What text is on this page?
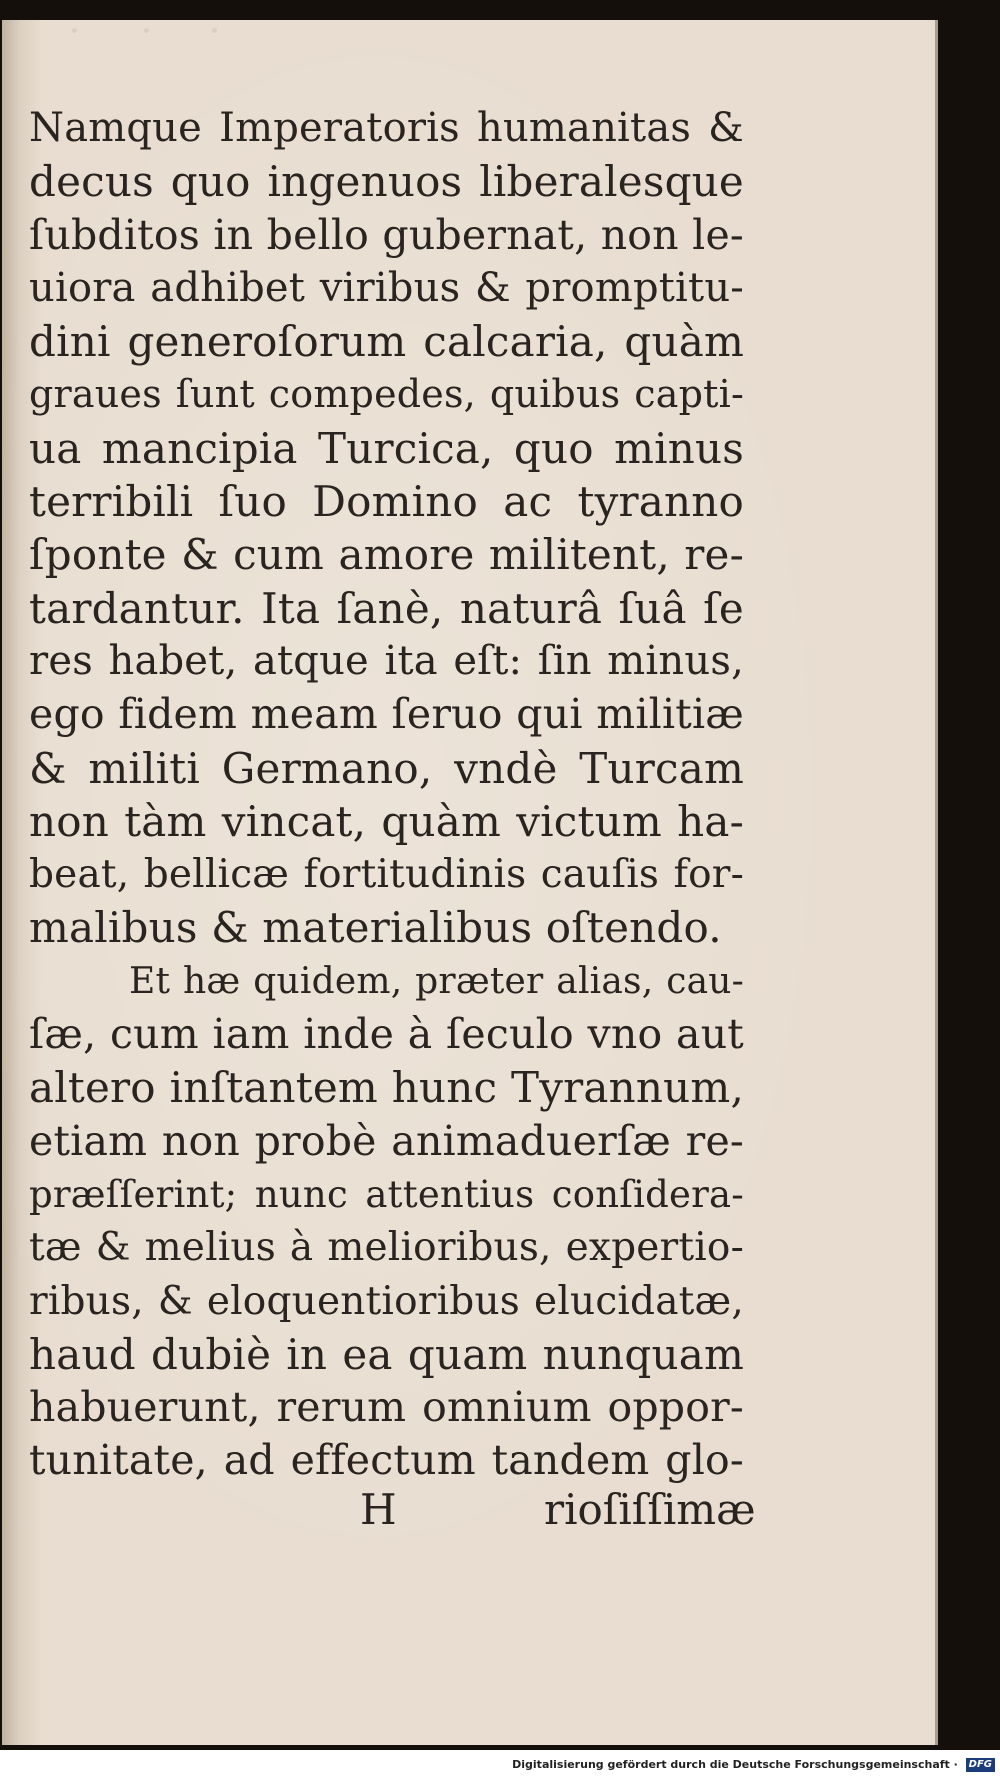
Namque Imperatoris humanitas &
decus quo ingenuos liberalesque
ſubditos in bello gubernat, non le-
uiora adhibet viribus & promptitu-
dini generoſorum calcaria, quàm
graues ſunt compedes, quibus capti-
ua mancipia Turcica, quo minus
terribili ſuo Domino ac tyranno
ſponte & cum amore militent, re-
tardantur. Ita ſanè, naturâ ſuâ ſe
res habet, atque ita eſt: ſin minus,
ego fidem meam ſeruo qui militiæ
& militi Germano, vndè Turcam
non tàm vincat, quàm victum ha-
beat, bellicæ fortitudinis cauſis for-
malibus & materialibus oſtendo.
Et hæ quidem, præter alias, cau-
ſæ, cum iam inde à ſeculo vno aut
altero inſtantem hunc Tyrannum,
etiam non probè animaduerſæ re-
præſſerint; nunc attentius conſidera-
tæ & melius à melioribus, expertio-
ribus, & eloquentioribus elucidatæ,
haud dubiè in ea quam nunquam
habuerunt, rerum omnium oppor-
tunitate, ad effectum tandem glo-
H	rioſiſſimæ
Digitalisierung gefördert durch die Deutsche Forschungsgemeinschaft · DFG
